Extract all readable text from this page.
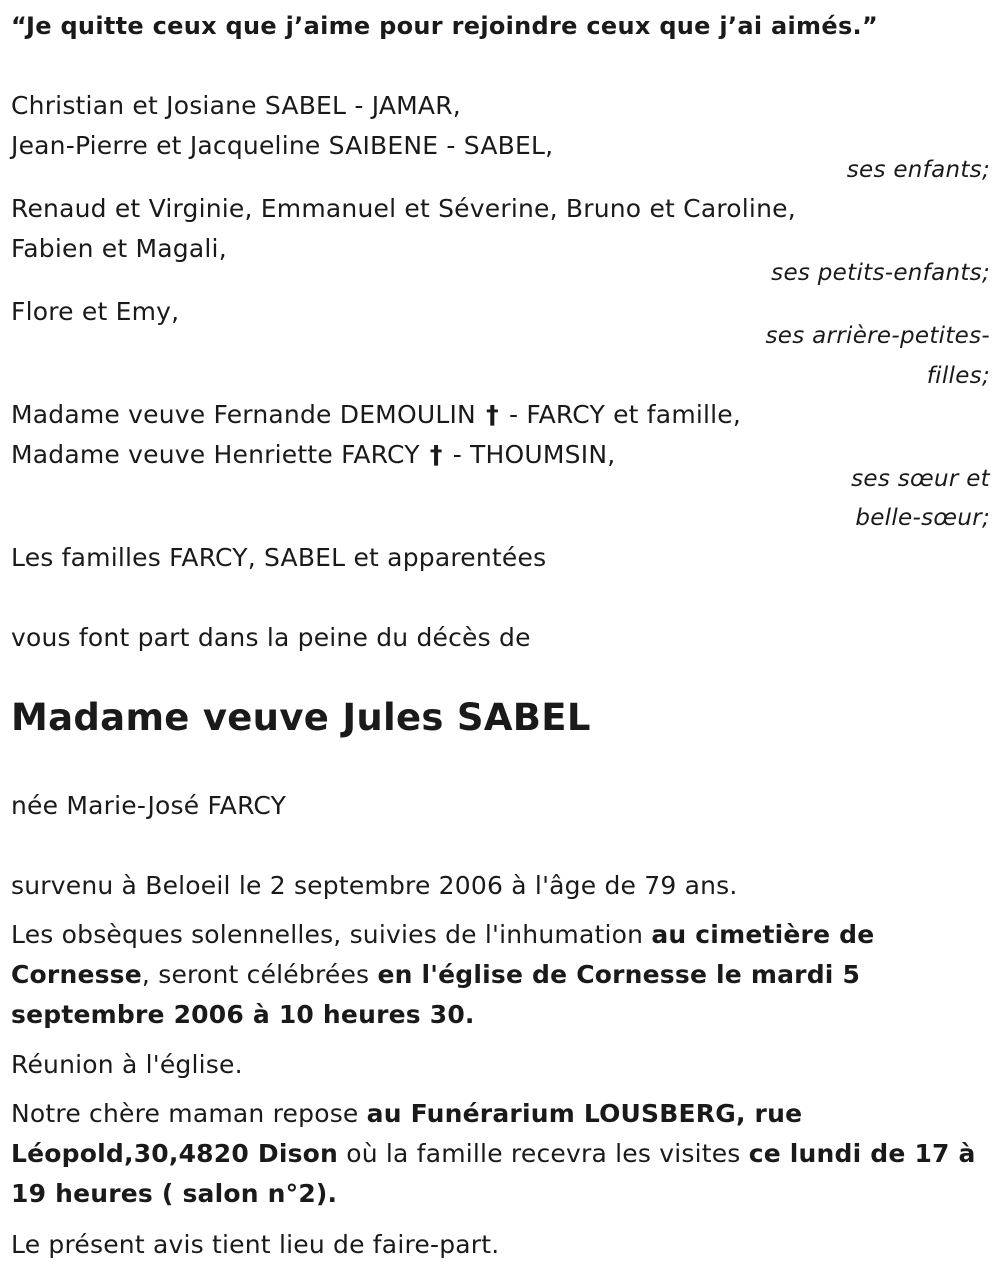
“Je quitte ceux que j’aime pour rejoindre ceux que j’ai aimés.”
Christian et Josiane SABEL - JAMAR,
Jean-Pierre et Jacqueline SAIBENE - SABEL,
ses enfants;
Renaud et Virginie, Emmanuel et Séverine, Bruno et Caroline,
Fabien et Magali,
ses petits-enfants;
Flore et Emy,
ses arrière-petites-
filles;
Madame veuve Fernande DEMOULIN † - FARCY et famille,
Madame veuve Henriette FARCY † - THOUMSIN,
ses sœur et
belle-sœur;
Les familles FARCY, SABEL et apparentées
vous font part dans la peine du décès de
Madame veuve Jules SABEL
née Marie-José FARCY
survenu à Beloeil le 2 septembre 2006 à l'âge de 79 ans.
Les obsèques solennelles, suivies de l'inhumation au cimetière de Cornesse, seront célébrées en l'église de Cornesse le mardi 5 septembre 2006 à 10 heures 30.
Réunion à l'église.
Notre chère maman repose au Funérarium LOUSBERG, rue Léopold,30,4820 Dison où la famille recevra les visites ce lundi de 17 à 19 heures ( salon n°2).
Le présent avis tient lieu de faire-part.
